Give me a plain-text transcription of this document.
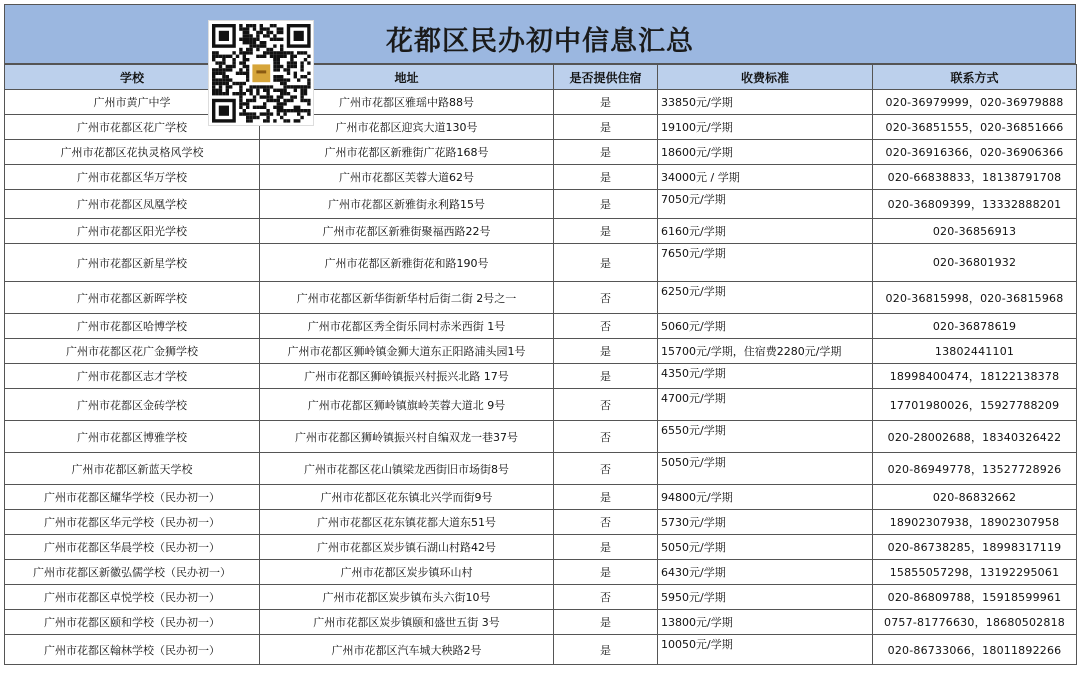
花都区民办初中信息汇总
学校	地址	是否提供住宿	收费标准	联系方式
广州市黄广中学	广州市花都区雅瑶中路88号	是	33850元/学期	020-36979999，020-36979888
广州市花都区花广学校	广州市花都区迎宾大道130号	是	19100元/学期	020-36851555，020-36851666
广州市花都区花执灵格风学校	广州市花都区新雅街广花路168号	是	18600元/学期	020-36916366，020-36906366
广州市花都区华万学校	广州市花都区芙蓉大道62号	是	34000元 / 学期	020-66838833，18138791708
广州市花都区凤凰学校	广州市花都区新雅街永利路15号	是	7050元/学期	020-36809399，13332888201
广州市花都区阳光学校	广州市花都区新雅街聚福西路22号	是	6160元/学期	020-36856913
广州市花都区新星学校	广州市花都区新雅街花和路190号	是	7650元/学期	020-36801932
广州市花都区新晖学校	广州市花都区新华街新华村后街二街 2号之一	否	6250元/学期	020-36815998，020-36815968
广州市花都区哈博学校	广州市花都区秀全街乐同村赤米西街 1号	否	5060元/学期	020-36878619
广州市花都区花广金狮学校	广州市花都区狮岭镇金狮大道东正阳路浦头园1号	是	15700元/学期，住宿费2280元/学期	13802441101
广州市花都区志才学校	广州市花都区狮岭镇振兴村振兴北路 17号	是	4350元/学期	18998400474，18122138378
广州市花都区金砖学校	广州市花都区狮岭镇旗岭芙蓉大道北 9号	否	4700元/学期	17701980026，15927788209
广州市花都区博雅学校	广州市花都区狮岭镇振兴村自编双龙一巷37号	否	6550元/学期	020-28002688，18340326422
广州市花都区新蓝天学校	广州市花都区花山镇梁龙西街旧市场街8号	否	5050元/学期	020-86949778，13527728926
广州市花都区耀华学校（民办初一）	广州市花都区花东镇北兴学而街9号	是	94800元/学期	020-86832662
广州市花都区华元学校（民办初一）	广州市花都区花东镇花都大道东51号	否	5730元/学期	18902307938，18902307958
广州市花都区华晨学校（民办初一）	广州市花都区炭步镇石湖山村路42号	是	5050元/学期	020-86738285，18998317119
广州市花都区新徽弘儒学校（民办初一）	广州市花都区炭步镇环山村	是	6430元/学期	15855057298，13192295061
广州市花都区卓悦学校（民办初一）	广州市花都区炭步镇布头六街10号	否	5950元/学期	020-86809788，15918599961
广州市花都区颐和学校（民办初一）	广州市花都区炭步镇颐和盛世五街 3号	是	13800元/学期	0757-81776630，18680502818
广州市花都区翰林学校（民办初一）	广州市花都区汽车城大秧路2号	是	10050元/学期	020-86733066，18011892266
